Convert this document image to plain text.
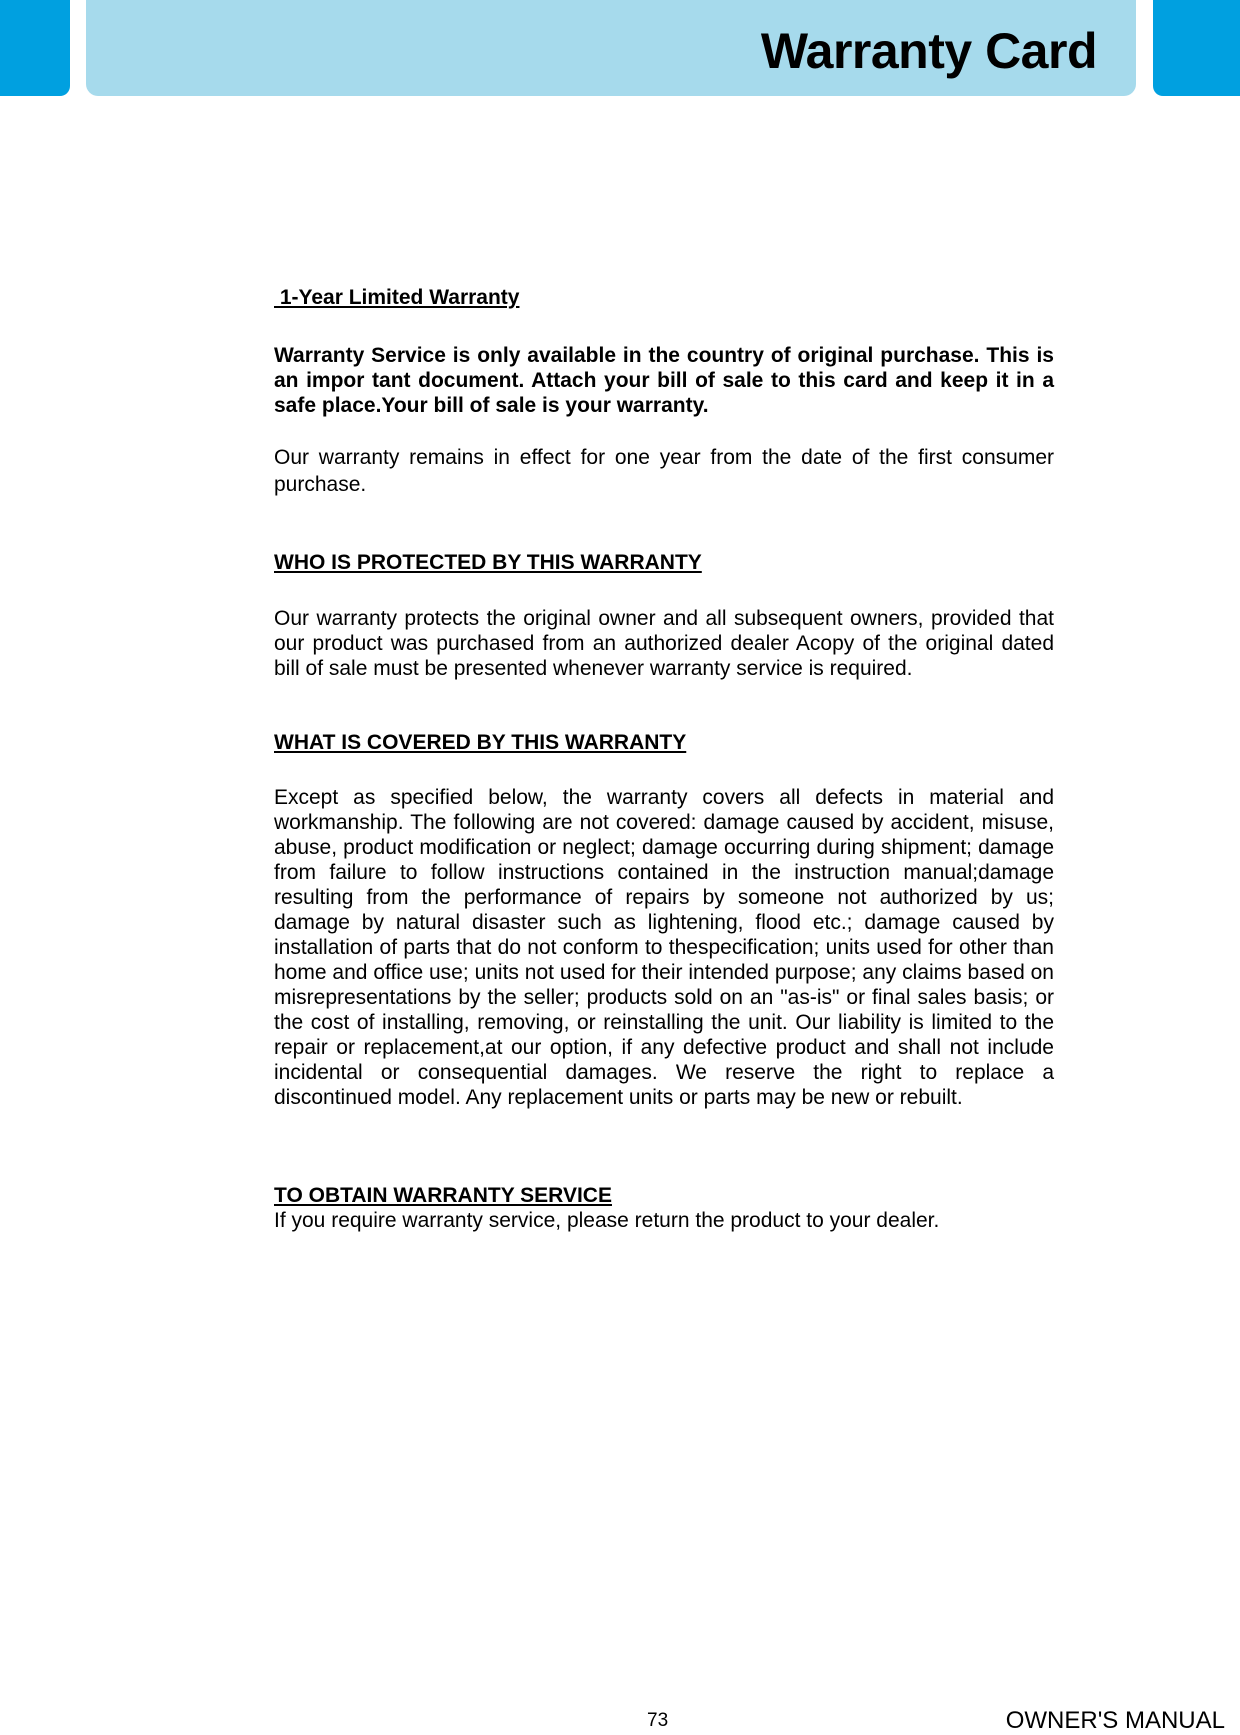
Warranty Card
1-Year Limited Warranty
Warranty Service is only available in the country of original purchase. This is an impor tant document. Attach your bill of sale to this card and keep it in a safe place.Your bill of sale is your warranty.
Our warranty remains in effect for one year from the date of the first consumer purchase.
WHO IS PROTECTED BY THIS WARRANTY
Our warranty protects the original owner and all subsequent owners, provided that our product was purchased from an authorized dealer Acopy of the original dated bill of sale must be presented whenever warranty service is required.
WHAT IS COVERED BY THIS WARRANTY
Except as specified below, the warranty covers all defects in material and workmanship. The following are not covered: damage caused by accident, misuse, abuse, product modification or neglect; damage occurring during shipment; damage from failure to follow instructions contained in the instruction manual;damage resulting from the performance of repairs by someone not authorized by us; damage by natural disaster such as lightening, flood etc.; damage caused by installation of parts that do not conform to thespecification; units used for other than home and office use; units not used for their intended purpose; any claims based on misrepresentations by the seller; products sold on an "as-is" or final sales basis; or the cost of installing, removing, or reinstalling the unit. Our liability is limited to the repair or replacement,at our option, if any defective product and shall not include incidental or consequential damages. We reserve the right to replace a discontinued model. Any replacement units or parts may be new or rebuilt.
TO OBTAIN WARRANTY SERVICE
If you require warranty service, please return the product to your dealer.
73	OWNER'S MANUAL
